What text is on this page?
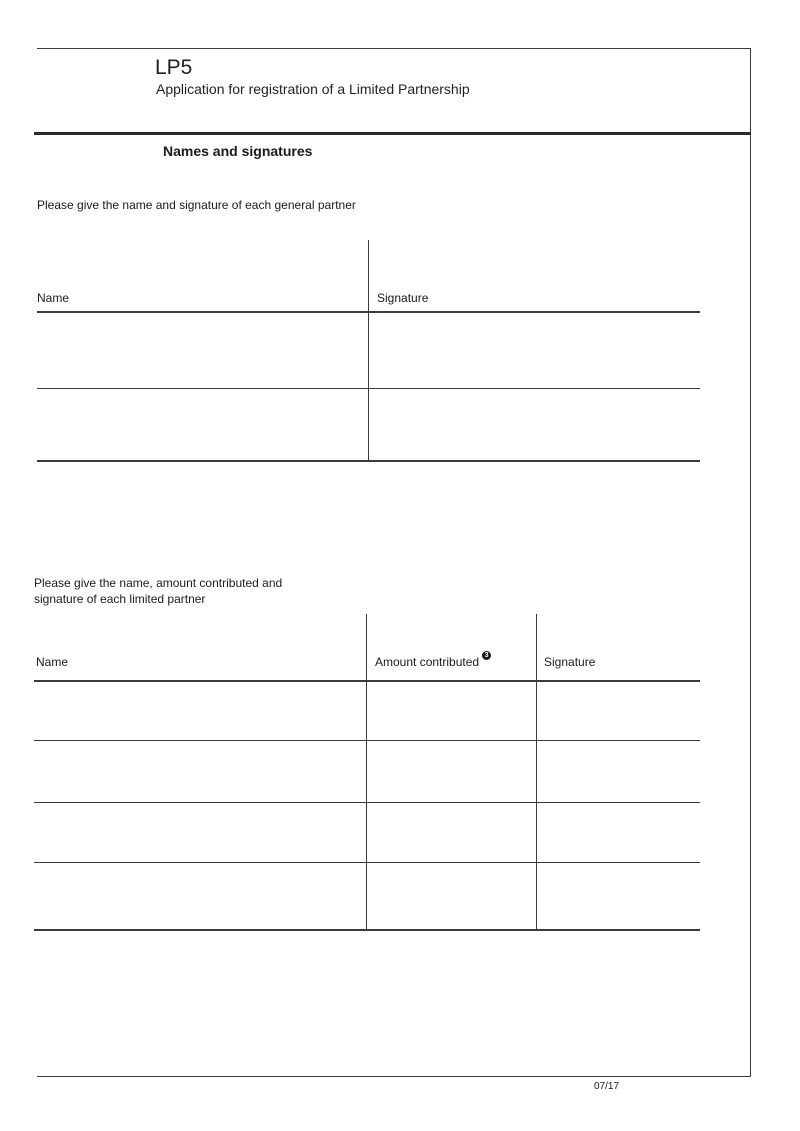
LP5
Application for registration of a Limited Partnership
Names and signatures
Please give the name and signature of each general partner
Name	Signature
Please give the name, amount contributed and
signature of each limited partner
Name	Amount contributed 3	Signature
07/17
